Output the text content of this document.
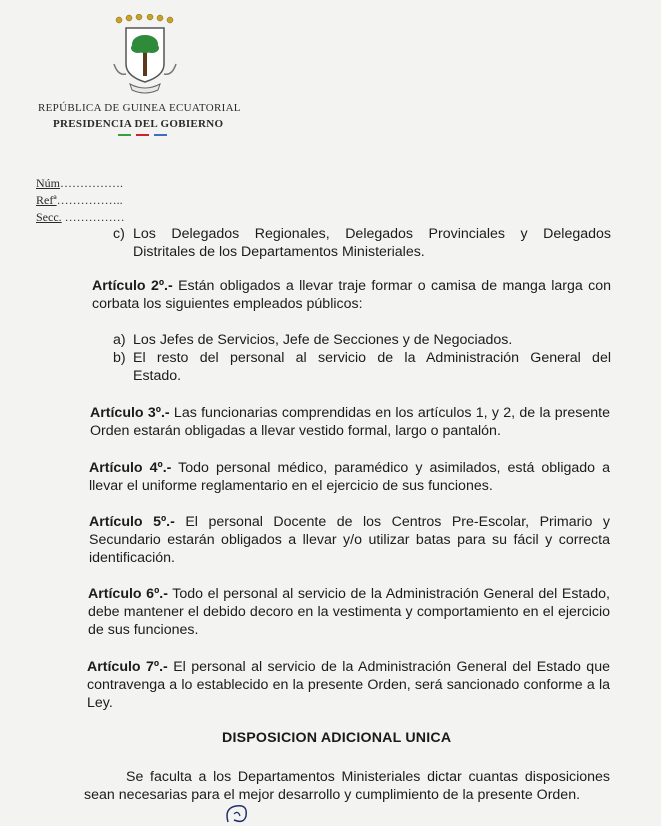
REPÚBLICA DE GUINEA ECUATORIAL
PRESIDENCIA DEL GOBIERNO
Núm…………….
Refª……………..
Secc. ……………
c) Los Delegados Regionales, Delegados Provinciales y Delegados
Distritales de los Departamentos Ministeriales.
Artículo 2º.- Están obligados a llevar traje formar o camisa de manga larga con corbata los siguientes empleados públicos:
a) Los Jefes de Servicios, Jefe de Secciones y de Negociados.
b) El resto del personal al servicio de la Administración General del
Estado.
Artículo 3º.- Las funcionarias comprendidas en los artículos 1, y 2, de la presente Orden estarán obligadas a llevar vestido formal, largo o pantalón.
Artículo 4º.- Todo personal médico, paramédico y asimilados, está obligado a llevar el uniforme reglamentario en el ejercicio de sus funciones.
Artículo 5º.- El personal Docente de los Centros Pre-Escolar, Primario y Secundario estarán obligados a llevar y/o utilizar batas para su fácil y correcta identificación.
Artículo 6º.- Todo el personal al servicio de la Administración General del Estado, debe mantener el debido decoro en la vestimenta y comportamiento en el ejercicio de sus funciones.
Artículo 7º.- El personal al servicio de la Administración General del Estado que contravenga a lo establecido en la presente Orden, será sancionado conforme a la Ley.
DISPOSICION ADICIONAL UNICA
Se faculta a los Departamentos Ministeriales dictar cuantas disposiciones sean necesarias para el mejor desarrollo y cumplimiento de la presente Orden.
